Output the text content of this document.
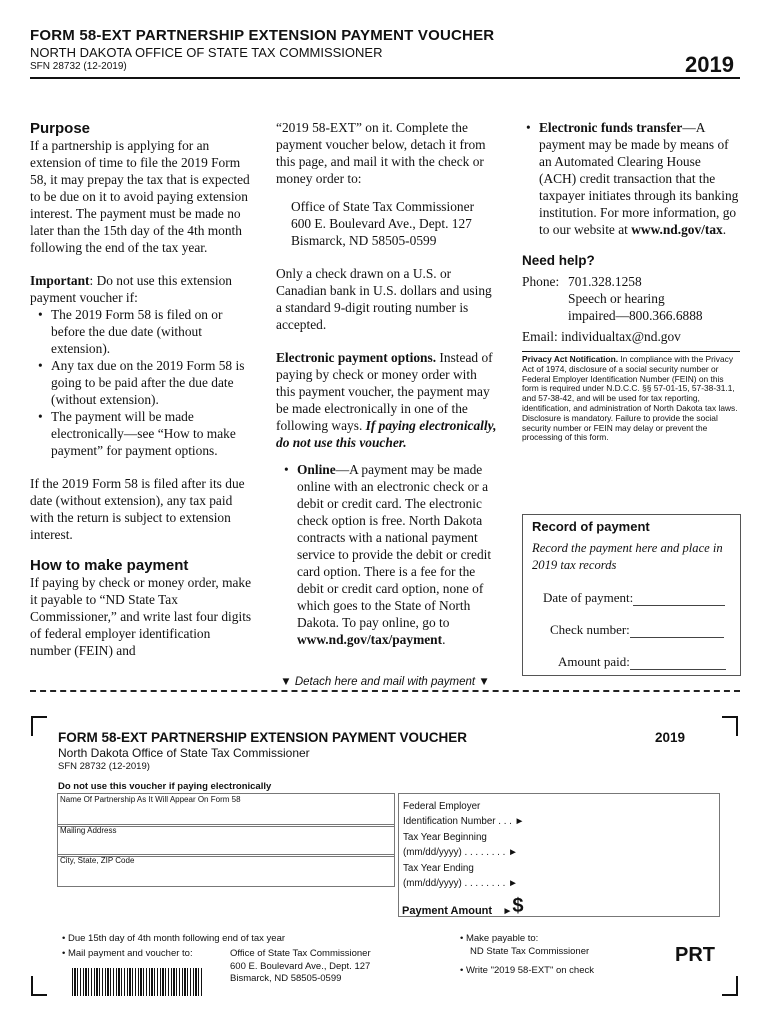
FORM 58-EXT PARTNERSHIP EXTENSION PAYMENT VOUCHER
NORTH DAKOTA OFFICE OF STATE TAX COMMISSIONER
SFN 28732 (12-2019)	2019
Purpose

If a partnership is applying for an extension of time to file the 2019 Form 58, it may prepay the tax that is expected to be due on it to avoid paying extension interest. The payment must be made no later than the 15th day of the 4th month following the end of the tax year.

Important: Do not use this extension payment voucher if:

• The 2019 Form 58 is filed on or before the due date (without extension).
• Any tax due on the 2019 Form 58 is going to be paid after the due date (without extension).
• The payment will be made electronically—see “How to make payment” for payment options.

If the 2019 Form 58 is filed after its due date (without extension), any tax paid with the return is subject to extension interest.

How to make payment

If paying by check or money order, make it payable to “ND State Tax Commissioner,” and write last four digits of federal employer identification number (FEIN) and

“2019 58-EXT” on it. Complete the payment voucher below, detach it from this page, and mail it with the check or money order to:

Office of State Tax Commissioner
600 E. Boulevard Ave., Dept. 127
Bismarck, ND 58505-0599

Only a check drawn on a U.S. or Canadian bank in U.S. dollars and using a standard 9-digit routing number is accepted.

Electronic payment options. Instead of paying by check or money order with this payment voucher, the payment may be made electronically in one of the following ways. If paying electronically, do not use this voucher.

• Online—A payment may be made online with an electronic check or a debit or credit card. The electronic check option is free. North Dakota contracts with a national payment service to provide the debit or credit card option. There is a fee for the debit or credit card option, none of which goes to the State of North Dakota. To pay online, go to www.nd.gov/tax/payment.
• Electronic funds transfer—A payment may be made by means of an Automated Clearing House (ACH) credit transaction that the taxpayer initiates through its banking institution. For more information, go to our website at www.nd.gov/tax.
Need help?
Phone: 701.328.1258
Speech or hearing
impaired—800.366.6888
Email: individualtax@nd.gov

Privacy Act Notification. In compliance with the Privacy Act of 1974, disclosure of a social security number or Federal Employer Identification Number (FEIN) on this form is required under N.D.C.C. §§ 57-01-15, 57-38-31.1, and 57-38-42, and will be used for tax reporting, identification, and administration of North Dakota tax laws. Disclosure is mandatory. Failure to provide the social security number or FEIN may delay or prevent the processing of this form.

Record of payment
Record the payment here and place in 2019 tax records
Date of payment:
Check number:
Amount paid:
▼ Detach here and mail with payment ▼
FORM 58-EXT PARTNERSHIP EXTENSION PAYMENT VOUCHER	2019
North Dakota Office of State Tax Commissioner
SFN 28732 (12-2019)
Do not use this voucher if paying electronically
Name Of Partnership As It Will Appear On Form 58
Mailing Address
City, State, ZIP Code
Federal Employer
Identification Number . . . ►
Tax Year Beginning
(mm/dd/yyyy) . . . . . . . . ►
Tax Year Ending
(mm/dd/yyyy) . . . . . . . . ►
Payment Amount ►$
• Due 15th day of 4th month following end of tax year
• Mail payment and voucher to:	Office of State Tax Commissioner
600 E. Boulevard Ave., Dept. 127
Bismarck, ND 58505-0599
• Make payable to:
ND State Tax Commissioner
• Write "2019 58-EXT" on check
PRT
